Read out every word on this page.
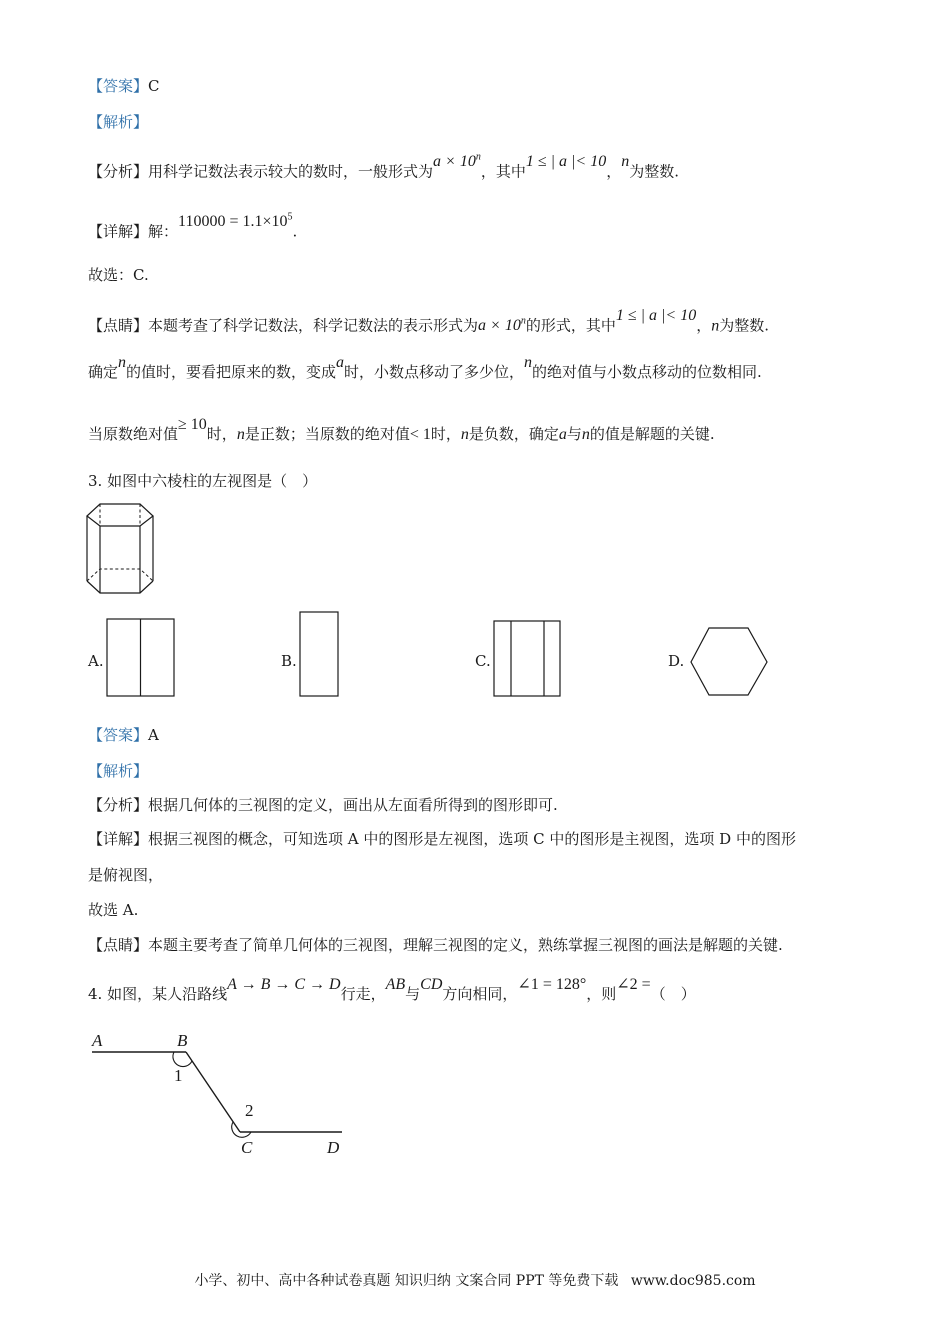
【答案】C
【解析】
【分析】用科学记数法表示较大的数时，一般形式为$a \times 10^n$，其中1 ≤ | a |< 10，n为整数.
【详解】解：$110000 = 1.1\times 10^5$.
故选：C.
【点睛】本题考查了科学记数法，科学记数法的表示形式为$a \times 10^n$的形式，其中1 ≤ | a |< 10，n为整数.
确定n的值时，要看把原来的数，变成a时，小数点移动了多少位，n的绝对值与小数点移动的位数相同.
当原数绝对值≥ 10时，n是正数；当原数的绝对值< 1时，n是负数，确定a与n的值是解题的关键.
3. 如图中六棱柱的左视图是（　）
A.	B.	C.	D.
【答案】A
【解析】
【分析】根据几何体的三视图的定义，画出从左面看所得到的图形即可.
【详解】根据三视图的概念，可知选项 A 中的图形是左视图，选项 C 中的图形是主视图，选项 D 中的图形
是俯视图，
故选 A.
【点睛】本题主要考查了简单几何体的三视图，理解三视图的定义，熟练掌握三视图的画法是解题的关键.
4. 如图，某人沿路线A → B → C → D行走，AB与CD方向相同，∠1 = 128°，则∠2 =（　）
A	B
1
2
C	D
小学、初中、高中各种试卷真题 知识归纳 文案合同 PPT 等免费下载 www.doc985.com
